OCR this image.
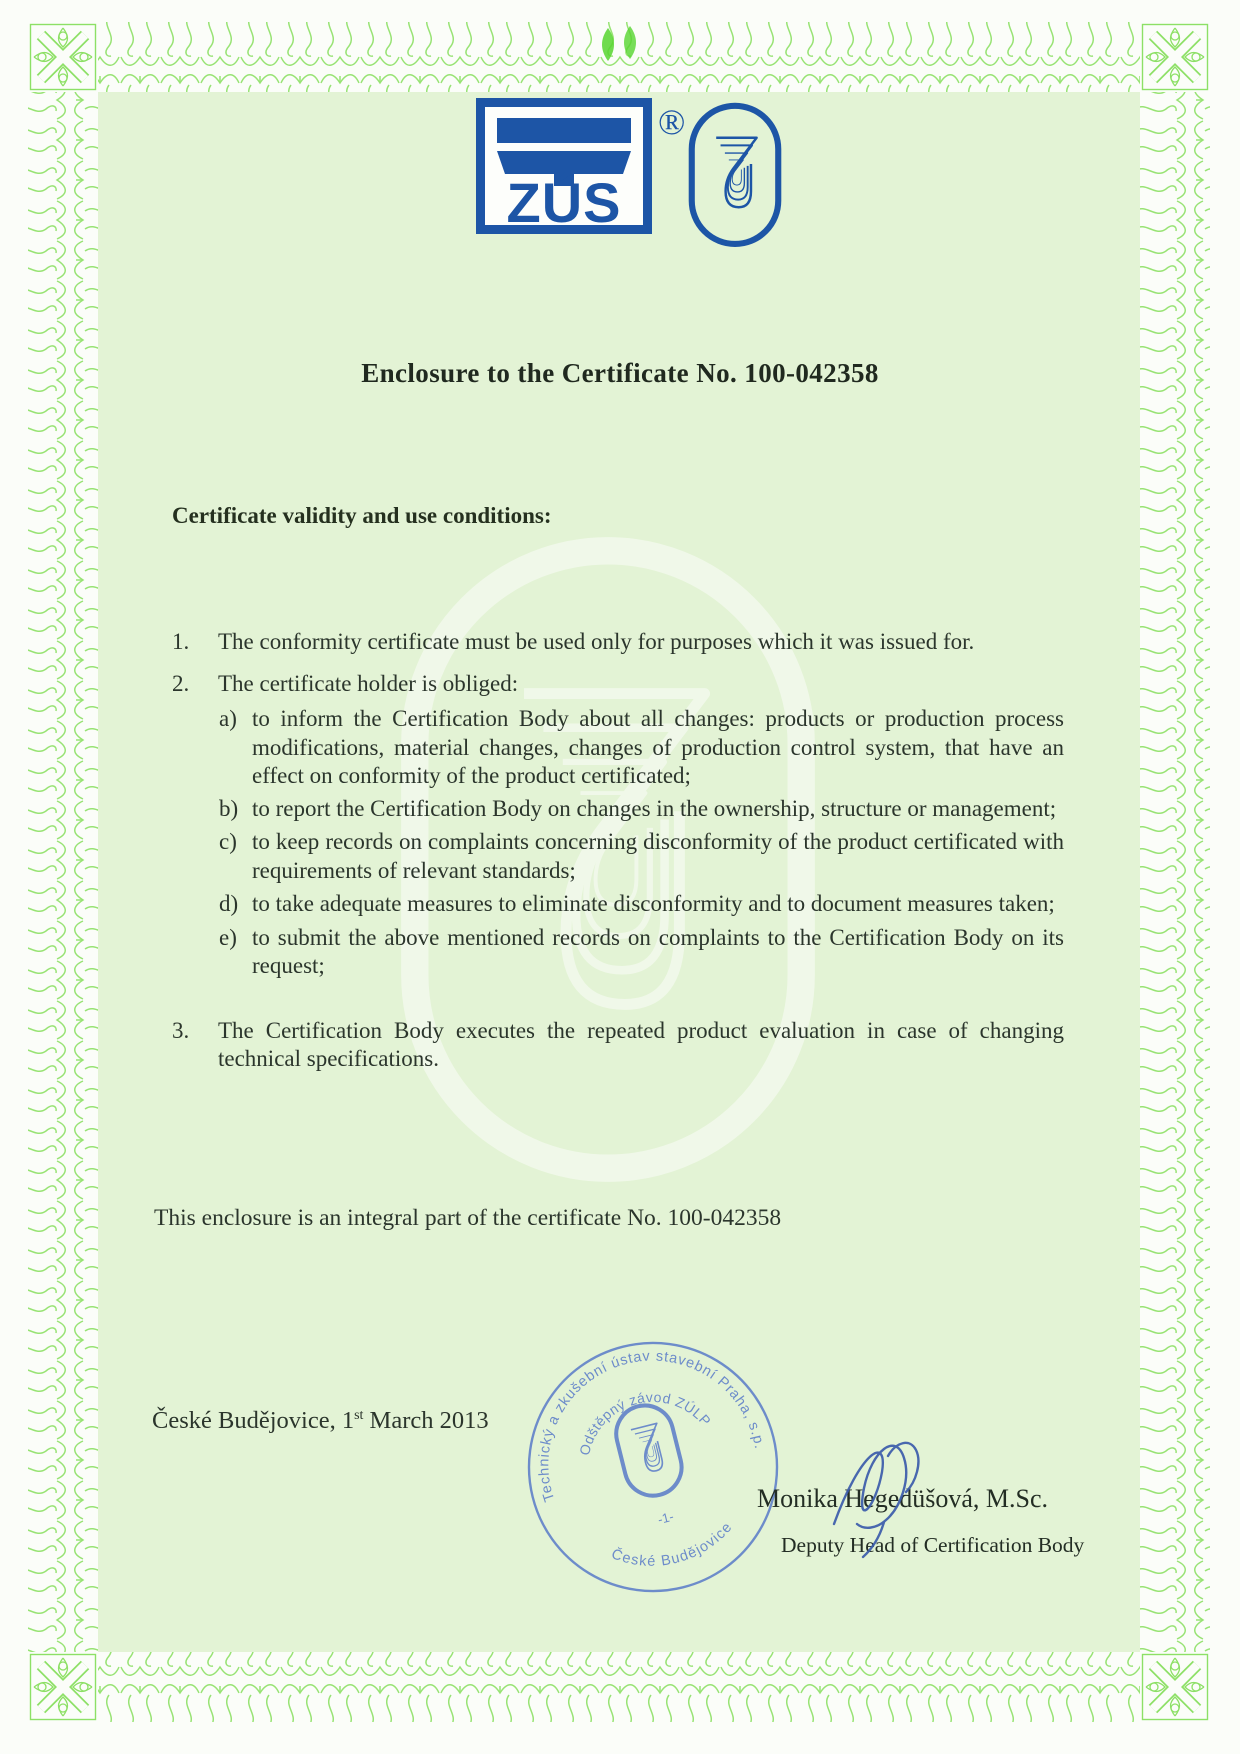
ZÚS
®
Enclosure to the Certificate No. 100-042358
Certificate validity and use conditions:
1.	The conformity certificate must be used only for purposes which it was issued for.

2.	The certificate holder is obliged:

a) to inform the Certification Body about all changes: products or production process modifications, material changes, changes of production control system, that have an effect on conformity of the product certificated;

b) to report the Certification Body on changes in the ownership, structure or management;

c) to keep records on complaints concerning disconformity of the product certificated with requirements of relevant standards;

d) to take adequate measures to eliminate disconformity and to document measures taken;

e) to submit the above mentioned records on complaints to the Certification Body on its request;

3.	The Certification Body executes the repeated product evaluation in case of changing technical specifications.

This enclosure is an integral part of the certificate No. 100-042358
České Budějovice, 1st March 2013
Technický a zkušební ústav stavební Praha, s.p.
Odštěpný závod ZÚLP
České Budějovice
-1-
Monika Hegedüšová, M.Sc.
Deputy Head of Certification Body
